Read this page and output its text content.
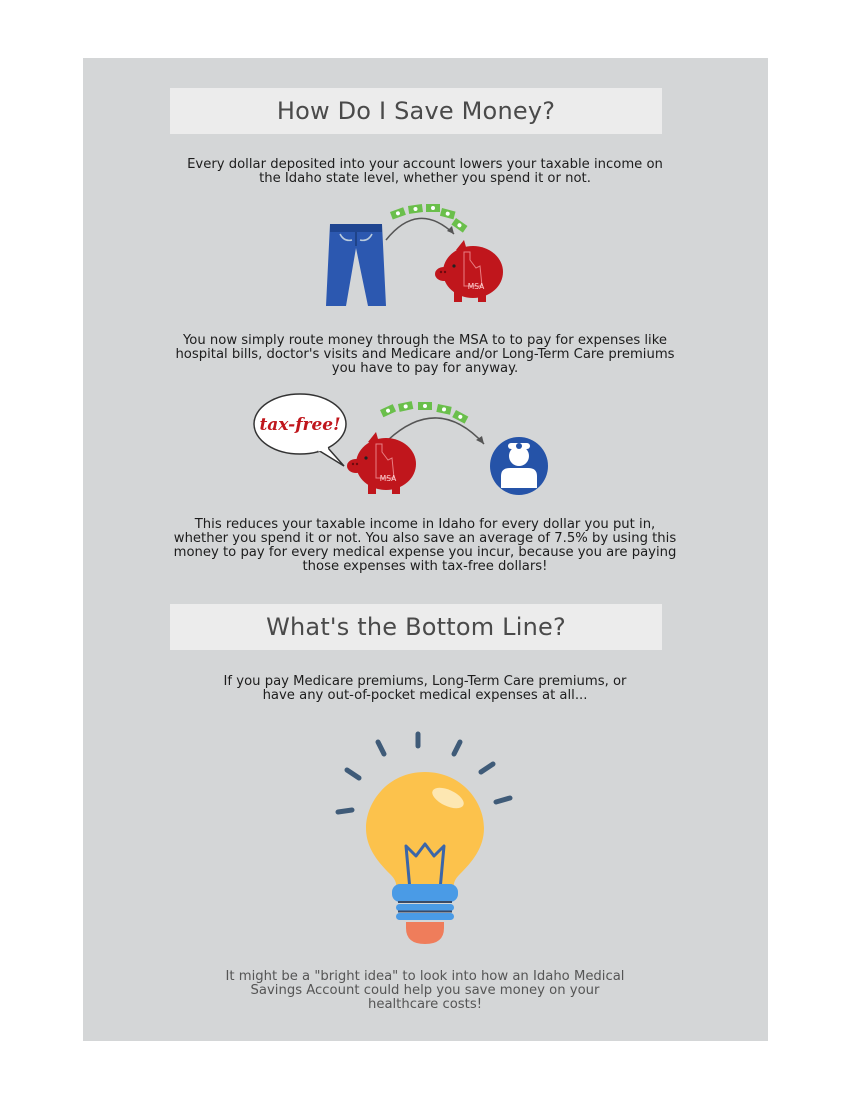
How Do I Save Money?
Every dollar deposited into your account lowers your taxable income on
the Idaho state level, whether you spend it or not.
MSA
You now simply route money through the MSA to to pay for expenses like
hospital bills, doctor's visits and Medicare and/or Long-Term Care premiums
you have to pay for anyway.
tax-free!
MSA
This reduces your taxable income in Idaho for every dollar you put in,
whether you spend it or not. You also save an average of 7.5% by using this
money to pay for every medical expense you incur, because you are paying
those expenses with tax-free dollars!
What's the Bottom Line?
If you pay Medicare premiums, Long-Term Care premiums, or
have any out-of-pocket medical expenses at all...
It might be a "bright idea" to look into how an Idaho Medical
Savings Account could help you save money on your
healthcare costs!
